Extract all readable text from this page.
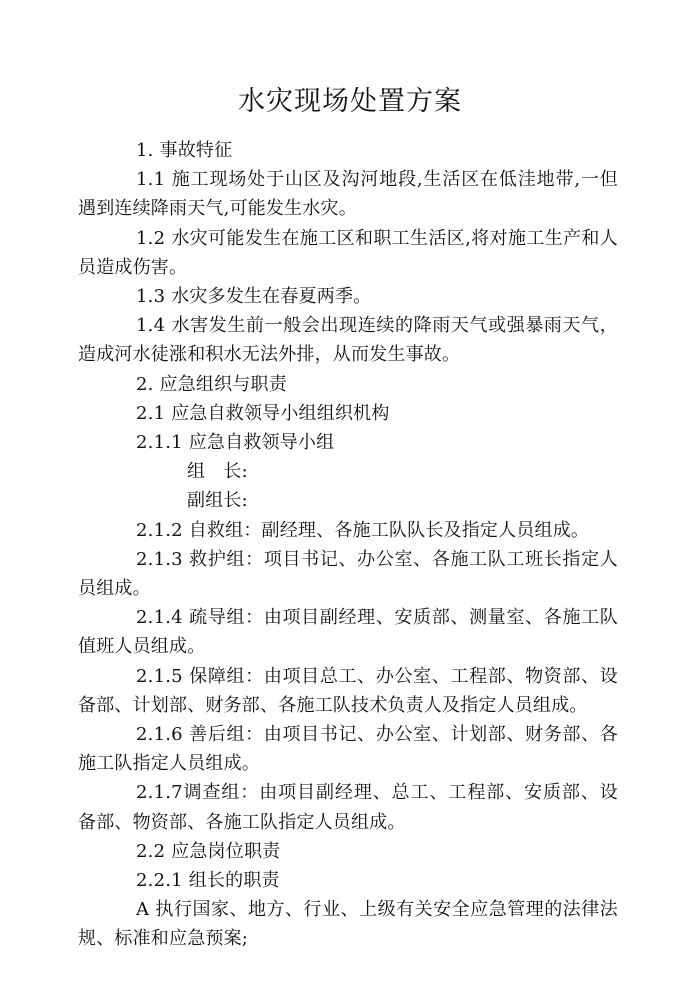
水灾现场处置方案

1. 事故特征

1.1 施工现场处于山区及沟河地段,生活区在低洼地带,一但遇到连续降雨天气,可能发生水灾。

1.2 水灾可能发生在施工区和职工生活区,将对施工生产和人员造成伤害。

1.3 水灾多发生在春夏两季。

1.4 水害发生前一般会出现连续的降雨天气或强暴雨天气，造成河水徒涨和积水无法外排，从而发生事故。

2. 应急组织与职责

2.1 应急自救领导小组组织机构

2.1.1 应急自救领导小组

组　长:

副组长:

2.1.2 自救组：副经理、各施工队队长及指定人员组成。

2.1.3 救护组：项目书记、办公室、各施工队工班长指定人员组成。

2.1.4 疏导组：由项目副经理、安质部、测量室、各施工队值班人员组成。

2.1.5 保障组：由项目总工、办公室、工程部、物资部、设备部、计划部、财务部、各施工队技术负责人及指定人员组成。

2.1.6 善后组：由项目书记、办公室、计划部、财务部、各施工队指定人员组成。

2.1.7调查组：由项目副经理、总工、工程部、安质部、设备部、物资部、各施工队指定人员组成。

2.2 应急岗位职责

2.2.1 组长的职责

A 执行国家、地方、行业、上级有关安全应急管理的法律法规、标准和应急预案;
